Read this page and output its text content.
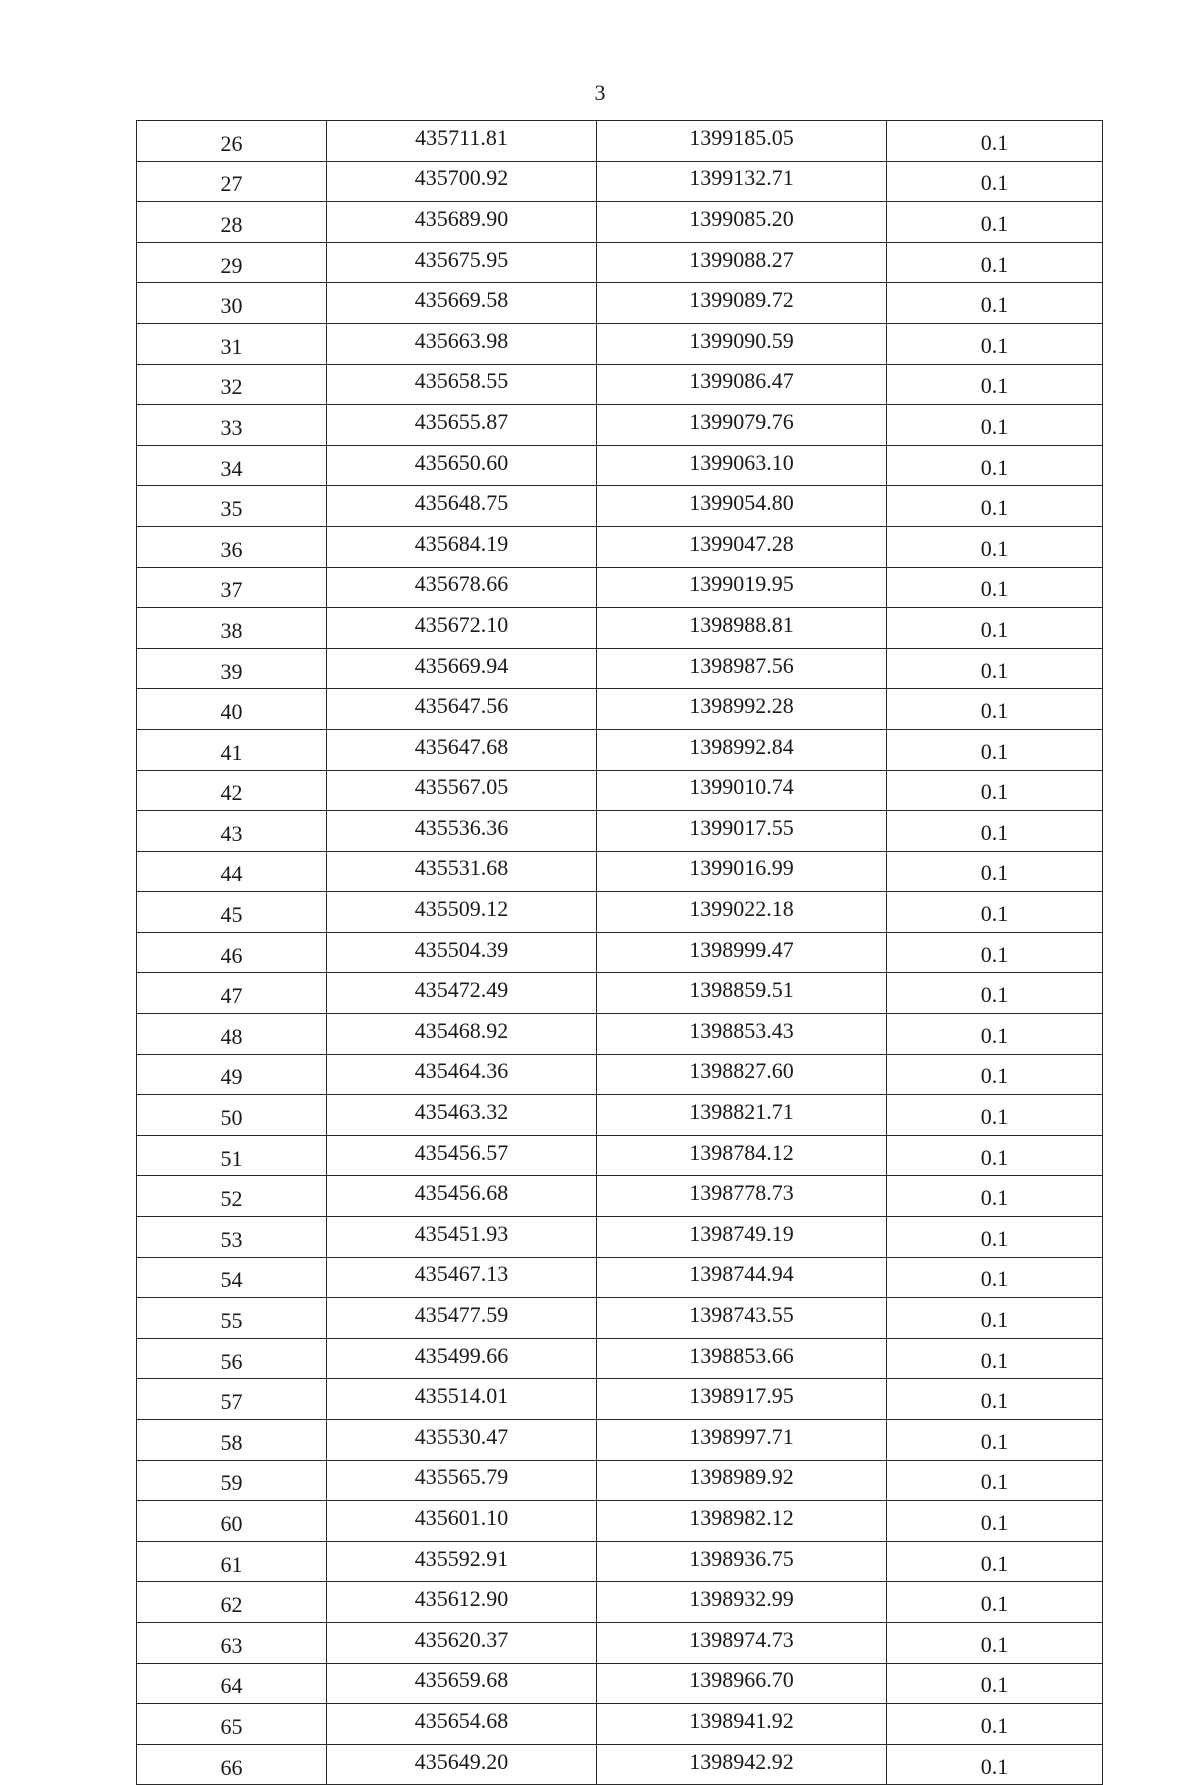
3
26	435711.81	1399185.05	0.1
27	435700.92	1399132.71	0.1
28	435689.90	1399085.20	0.1
29	435675.95	1399088.27	0.1
30	435669.58	1399089.72	0.1
31	435663.98	1399090.59	0.1
32	435658.55	1399086.47	0.1
33	435655.87	1399079.76	0.1
34	435650.60	1399063.10	0.1
35	435648.75	1399054.80	0.1
36	435684.19	1399047.28	0.1
37	435678.66	1399019.95	0.1
38	435672.10	1398988.81	0.1
39	435669.94	1398987.56	0.1
40	435647.56	1398992.28	0.1
41	435647.68	1398992.84	0.1
42	435567.05	1399010.74	0.1
43	435536.36	1399017.55	0.1
44	435531.68	1399016.99	0.1
45	435509.12	1399022.18	0.1
46	435504.39	1398999.47	0.1
47	435472.49	1398859.51	0.1
48	435468.92	1398853.43	0.1
49	435464.36	1398827.60	0.1
50	435463.32	1398821.71	0.1
51	435456.57	1398784.12	0.1
52	435456.68	1398778.73	0.1
53	435451.93	1398749.19	0.1
54	435467.13	1398744.94	0.1
55	435477.59	1398743.55	0.1
56	435499.66	1398853.66	0.1
57	435514.01	1398917.95	0.1
58	435530.47	1398997.71	0.1
59	435565.79	1398989.92	0.1
60	435601.10	1398982.12	0.1
61	435592.91	1398936.75	0.1
62	435612.90	1398932.99	0.1
63	435620.37	1398974.73	0.1
64	435659.68	1398966.70	0.1
65	435654.68	1398941.92	0.1
66	435649.20	1398942.92	0.1
